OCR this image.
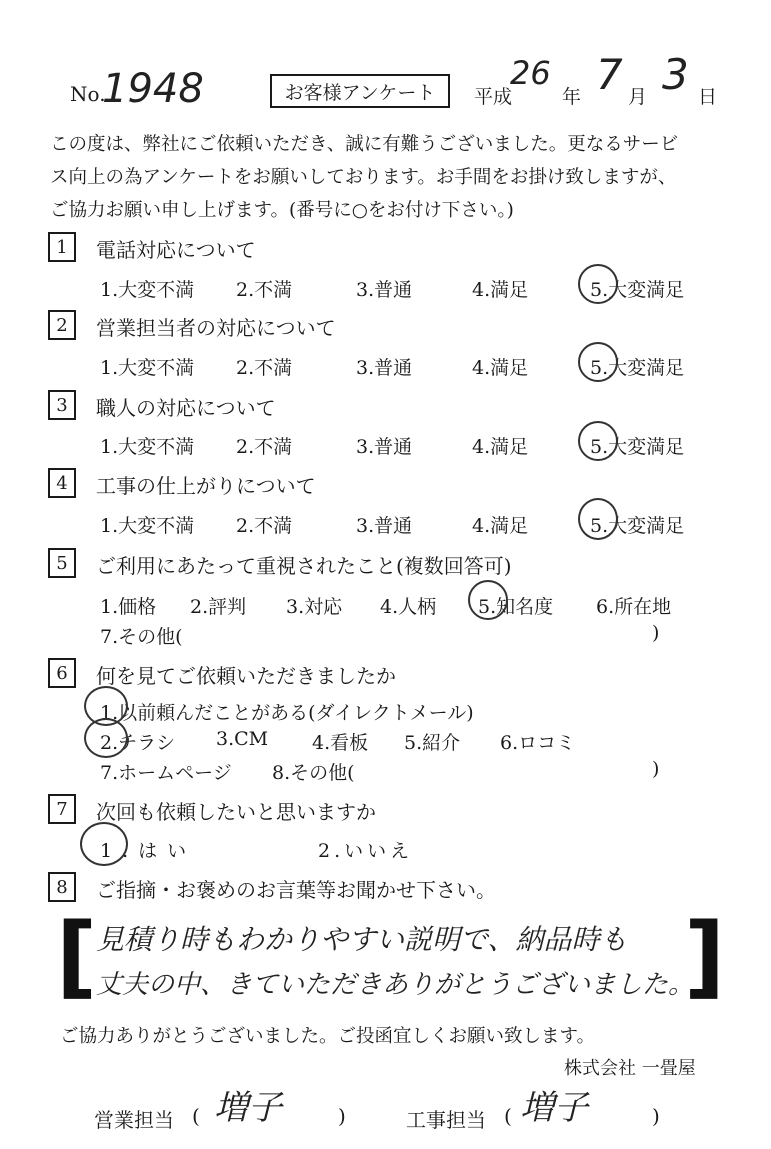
No.
1948	お客様アンケート	平成
26
年 7 月 3 日
この度は、弊社にご依頼いただき、誠に有難うございました。更なるサービ
ス向上の為アンケートをお願いしております。お手間をお掛け致しますが、
ご協力お願い申し上げます。(番号に○をお付け下さい。)
1	電話対応について
1.大変不満 2.不満	3.普通	4.満足	5.大変満足
2	営業担当者の対応について
1.大変不満 2.不満	3.普通	4.満足	5.大変満足
3	職人の対応について
1.大変不満 2.不満	3.普通	4.満足	5.大変満足
4	工事の仕上がりについて
1.大変不満 2.不満	3.普通	4.満足	5.大変満足
5	ご利用にあたって重視されたこと(複数回答可)
1.価格 2.評判 3.対応 4.人柄 5.知名度 6.所在地
7.その他(	)
6	何を見てご依頼いただきましたか
1.以前頼んだことがある(ダイレクトメール)
2.チラシ 3.CM 4.看板 5.紹介 6.ロコミ
7.ホームページ 8.その他(	)
7	次回も依頼したいと思いますか
1.はい	2.いいえ
8	ご指摘・お褒めのお言葉等お聞かせ下さい。
[	]
見積り時もわかりやすい説明で、納品時も
丈夫の中、きていただきありがとうございました。
ご協力ありがとうございました。ご投函宜しくお願い致します。
株式会社 一畳屋
営業担当 ( 増子	)	工事担当 ( 増子	)
